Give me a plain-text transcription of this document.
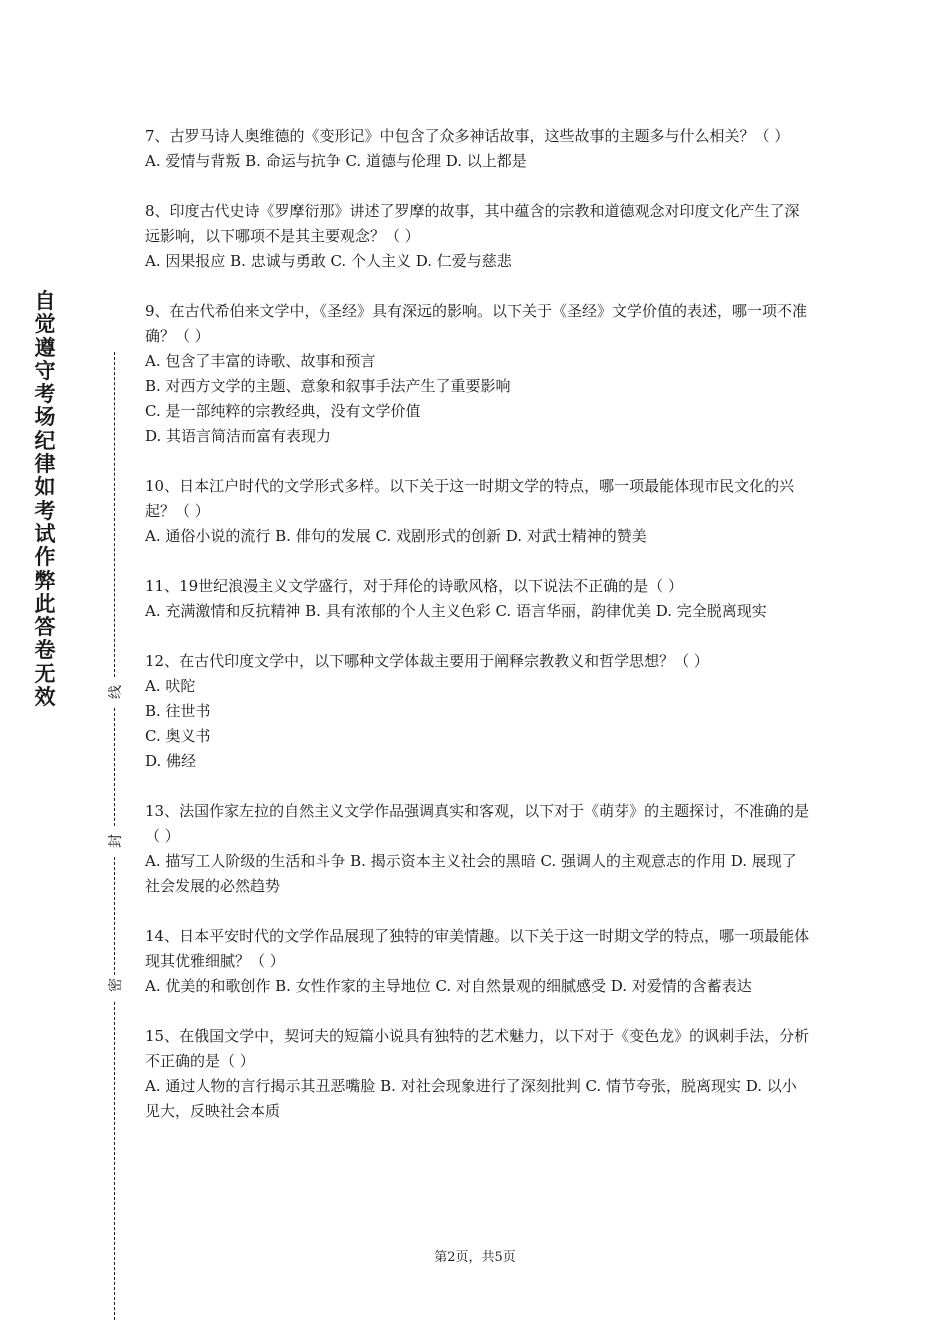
自觉遵守考场纪律如考试作弊此答卷无效	线
封
密

7、古罗马诗人奥维德的《变形记》中包含了众多神话故事，这些故事的主题多与什么相关？（ ）

A. 爱情与背叛 B. 命运与抗争 C. 道德与伦理 D. 以上都是

8、印度古代史诗《罗摩衍那》讲述了罗摩的故事，其中蕴含的宗教和道德观念对印度文化产生了深远影响，以下哪项不是其主要观念？（ ）

A. 因果报应 B. 忠诚与勇敢 C. 个人主义 D. 仁爱与慈悲

9、在古代希伯来文学中，《圣经》具有深远的影响。以下关于《圣经》文学价值的表述，哪一项不准确？（ ）

A. 包含了丰富的诗歌、故事和预言

B. 对西方文学的主题、意象和叙事手法产生了重要影响

C. 是一部纯粹的宗教经典，没有文学价值

D. 其语言简洁而富有表现力

10、日本江户时代的文学形式多样。以下关于这一时期文学的特点，哪一项最能体现市民文化的兴起？（ ）

A. 通俗小说的流行 B. 俳句的发展 C. 戏剧形式的创新 D. 对武士精神的赞美

11、19世纪浪漫主义文学盛行，对于拜伦的诗歌风格，以下说法不正确的是（ ）

A. 充满激情和反抗精神 B. 具有浓郁的个人主义色彩 C. 语言华丽，韵律优美 D. 完全脱离现实

12、在古代印度文学中，以下哪种文学体裁主要用于阐释宗教教义和哲学思想？（ ）

A. 吠陀

B. 往世书

C. 奥义书

D. 佛经

13、法国作家左拉的自然主义文学作品强调真实和客观，以下对于《萌芽》的主题探讨，不准确的是（ ）

A. 描写工人阶级的生活和斗争 B. 揭示资本主义社会的黑暗 C. 强调人的主观意志的作用 D. 展现了社会发展的必然趋势

14、日本平安时代的文学作品展现了独特的审美情趣。以下关于这一时期文学的特点，哪一项最能体现其优雅细腻？（ ）

A. 优美的和歌创作 B. 女性作家的主导地位 C. 对自然景观的细腻感受 D. 对爱情的含蓄表达

15、在俄国文学中，契诃夫的短篇小说具有独特的艺术魅力，以下对于《变色龙》的讽刺手法，分析不正确的是（ ）

A. 通过人物的言行揭示其丑恶嘴脸 B. 对社会现象进行了深刻批判 C. 情节夸张，脱离现实 D. 以小见大，反映社会本质

第2页，共5页
